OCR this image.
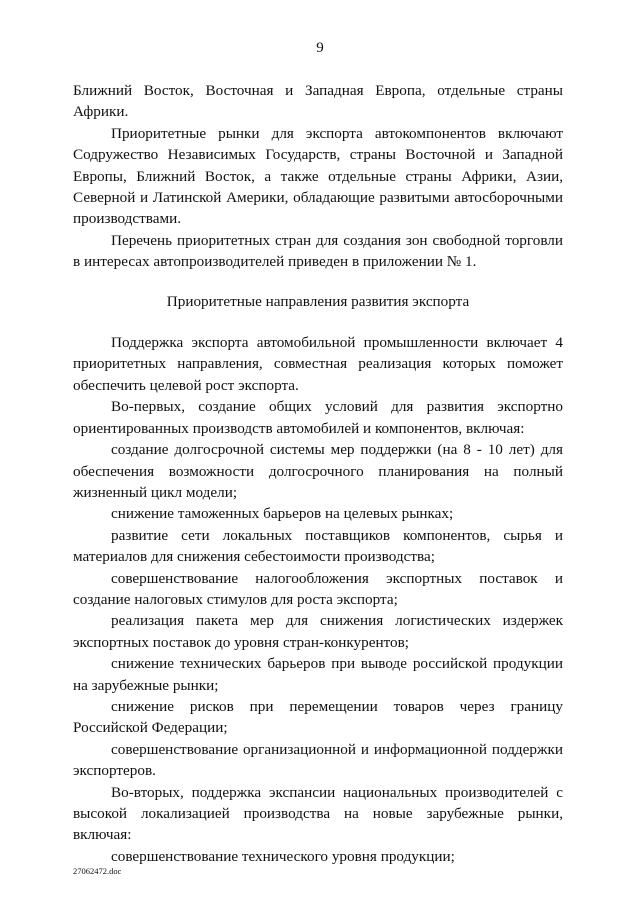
9

Ближний Восток, Восточная и Западная Европа, отдельные страны Африки.

Приоритетные рынки для экспорта автокомпонентов включают Содружество Независимых Государств, страны Восточной и Западной Европы, Ближний Восток, а также отдельные страны Африки, Азии, Северной и Латинской Америки, обладающие развитыми автосборочными производствами.

Перечень приоритетных стран для создания зон свободной торговли в интересах автопроизводителей приведен в приложении № 1.

Приоритетные направления развития экспорта

Поддержка экспорта автомобильной промышленности включает 4 приоритетных направления, совместная реализация которых поможет обеспечить целевой рост экспорта.

Во-первых, создание общих условий для развития экспортно ориентированных производств автомобилей и компонентов, включая:

создание долгосрочной системы мер поддержки (на 8 - 10 лет) для обеспечения возможности долгосрочного планирования на полный жизненный цикл модели;

снижение таможенных барьеров на целевых рынках;

развитие сети локальных поставщиков компонентов, сырья и материалов для снижения себестоимости производства;

совершенствование налогообложения экспортных поставок и создание налоговых стимулов для роста экспорта;

реализация пакета мер для снижения логистических издержек экспортных поставок до уровня стран-конкурентов;

снижение технических барьеров при выводе российской продукции на зарубежные рынки;

снижение рисков при перемещении товаров через границу Российской Федерации;

совершенствование организационной и информационной поддержки экспортеров.

Во-вторых, поддержка экспансии национальных производителей с высокой локализацией производства на новые зарубежные рынки, включая:

совершенствование технического уровня продукции;

27062472.doc
